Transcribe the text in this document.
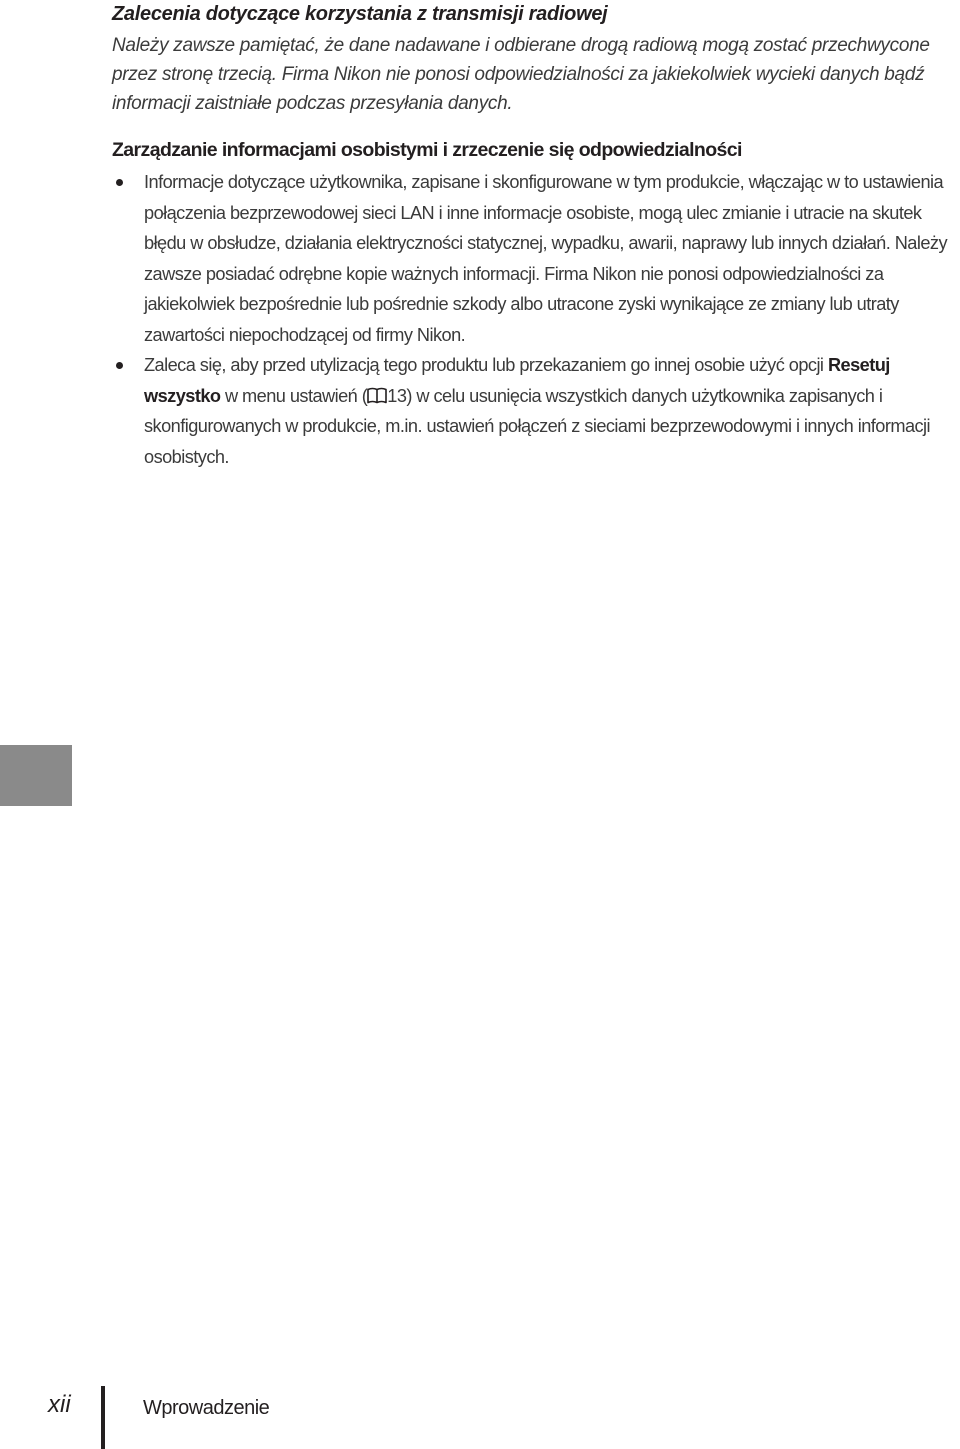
Zalecenia dotyczące korzystania z transmisji radiowej

Należy zawsze pamiętać, że dane nadawane i odbierane drogą radiową mogą zostać przechwycone przez stronę trzecią. Firma Nikon nie ponosi odpowiedzialności za jakiekolwiek wycieki danych bądź informacji zaistniałe podczas przesyłania danych.

Zarządzanie informacjami osobistymi i zrzeczenie się odpowiedzialności
Informacje dotyczące użytkownika, zapisane i skonfigurowane w tym produkcie, włączając w to ustawienia połączenia bezprzewodowej sieci LAN i inne informacje osobiste, mogą ulec zmianie i utracie na skutek błędu w obsłudze, działania elektryczności statycznej, wypadku, awarii, naprawy lub innych działań. Należy zawsze posiadać odrębne kopie ważnych informacji. Firma Nikon nie ponosi odpowiedzialności za jakiekolwiek bezpośrednie lub pośrednie szkody albo utracone zyski wynikające ze zmiany lub utraty zawartości niepochodzącej od firmy Nikon.
Zaleca się, aby przed utylizacją tego produktu lub przekazaniem go innej osobie użyć opcji Resetuj wszystko w menu ustawień ( 13) w celu usunięcia wszystkich danych użytkownika zapisanych i skonfigurowanych w produkcie, m.in. ustawień połączeń z sieciami bezprzewodowymi i innych informacji osobistych.
xii	Wprowadzenie
